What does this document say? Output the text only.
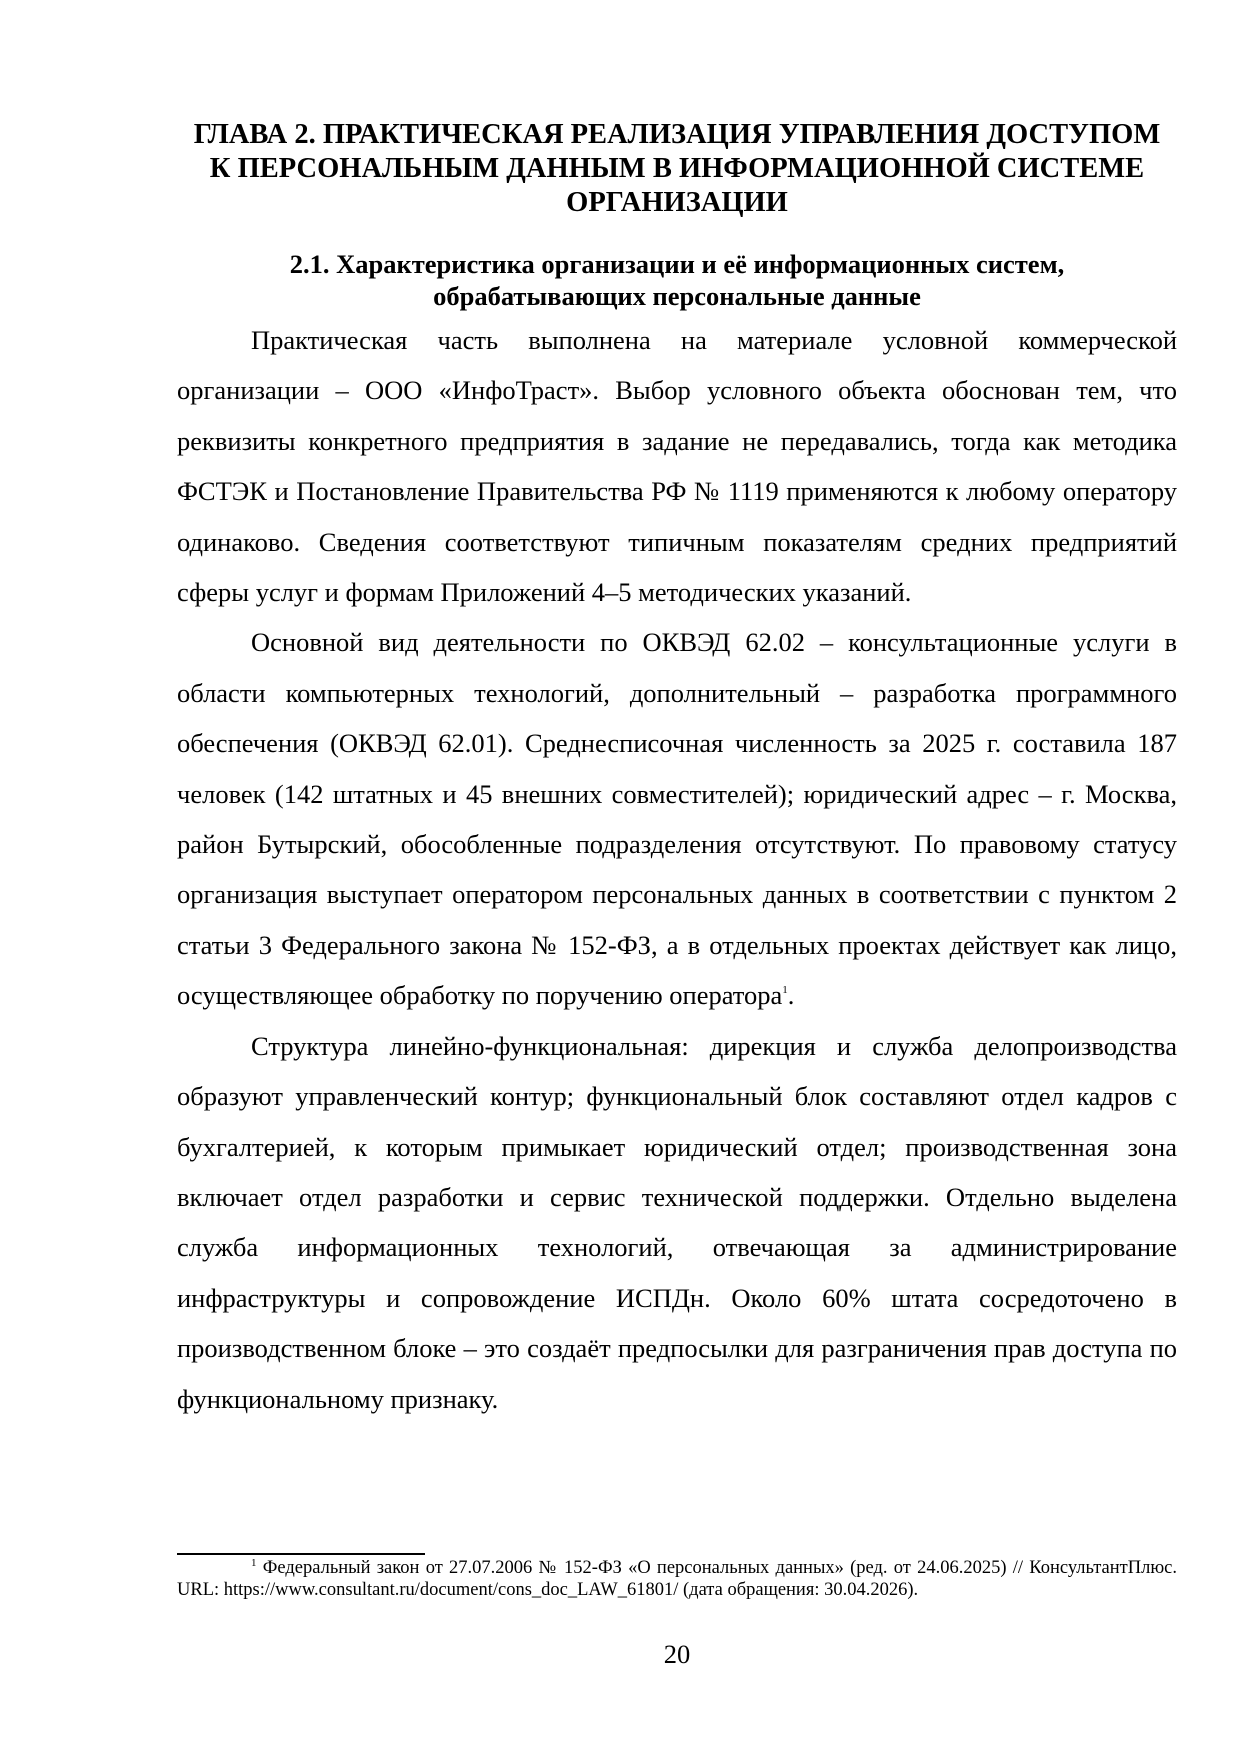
ГЛАВА 2. ПРАКТИЧЕСКАЯ РЕАЛИЗАЦИЯ УПРАВЛЕНИЯ ДОСТУПОМ
К ПЕРСОНАЛЬНЫМ ДАННЫМ В ИНФОРМАЦИОННОЙ СИСТЕМЕ
ОРГАНИЗАЦИИ
2.1. Характеристика организации и её информационных систем,
обрабатывающих персональные данные

Практическая часть выполнена на материале условной коммерческой организации – ООО «ИнфоТраст». Выбор условного объекта обоснован тем, что реквизиты конкретного предприятия в задание не передавались, тогда как методика ФСТЭК и Постановление Правительства РФ № 1119 применяются к любому оператору одинаково. Сведения соответствуют типичным показателям средних предприятий сферы услуг и формам Приложений 4–5 методических указаний.

Основной вид деятельности по ОКВЭД 62.02 – консультационные услуги в области компьютерных технологий, дополнительный – разработка программного обеспечения (ОКВЭД 62.01). Среднесписочная численность за 2025 г. составила 187 человек (142 штатных и 45 внешних совместителей); юридический адрес – г. Москва, район Бутырский, обособленные подразделения отсутствуют. По правовому статусу организация выступает оператором персональных данных в соответствии с пунктом 2 статьи 3 Федерального закона № 152-ФЗ, а в отдельных проектах действует как лицо, осуществляющее обработку по поручению оператора$^1$.

Структура линейно-функциональная: дирекция и служба делопроизводства образуют управленческий контур; функциональный блок составляют отдел кадров с бухгалтерией, к которым примыкает юридический отдел; производственная зона включает отдел разработки и сервис технической поддержки. Отдельно выделена служба информационных технологий, отвечающая за администрирование инфраструктуры и сопровождение ИСПДн. Около 60% штата сосредоточено в производственном блоке – это создаёт предпосылки для разграничения прав доступа по функциональному признаку.

$^1$ Федеральный закон от 27.07.2006 № 152-ФЗ «О персональных данных» (ред. от 24.06.2025) // КонсультантПлюс. URL: https://www.consultant.ru/document/cons_doc_LAW_61801/ (дата обращения: 30.04.2026).

20
